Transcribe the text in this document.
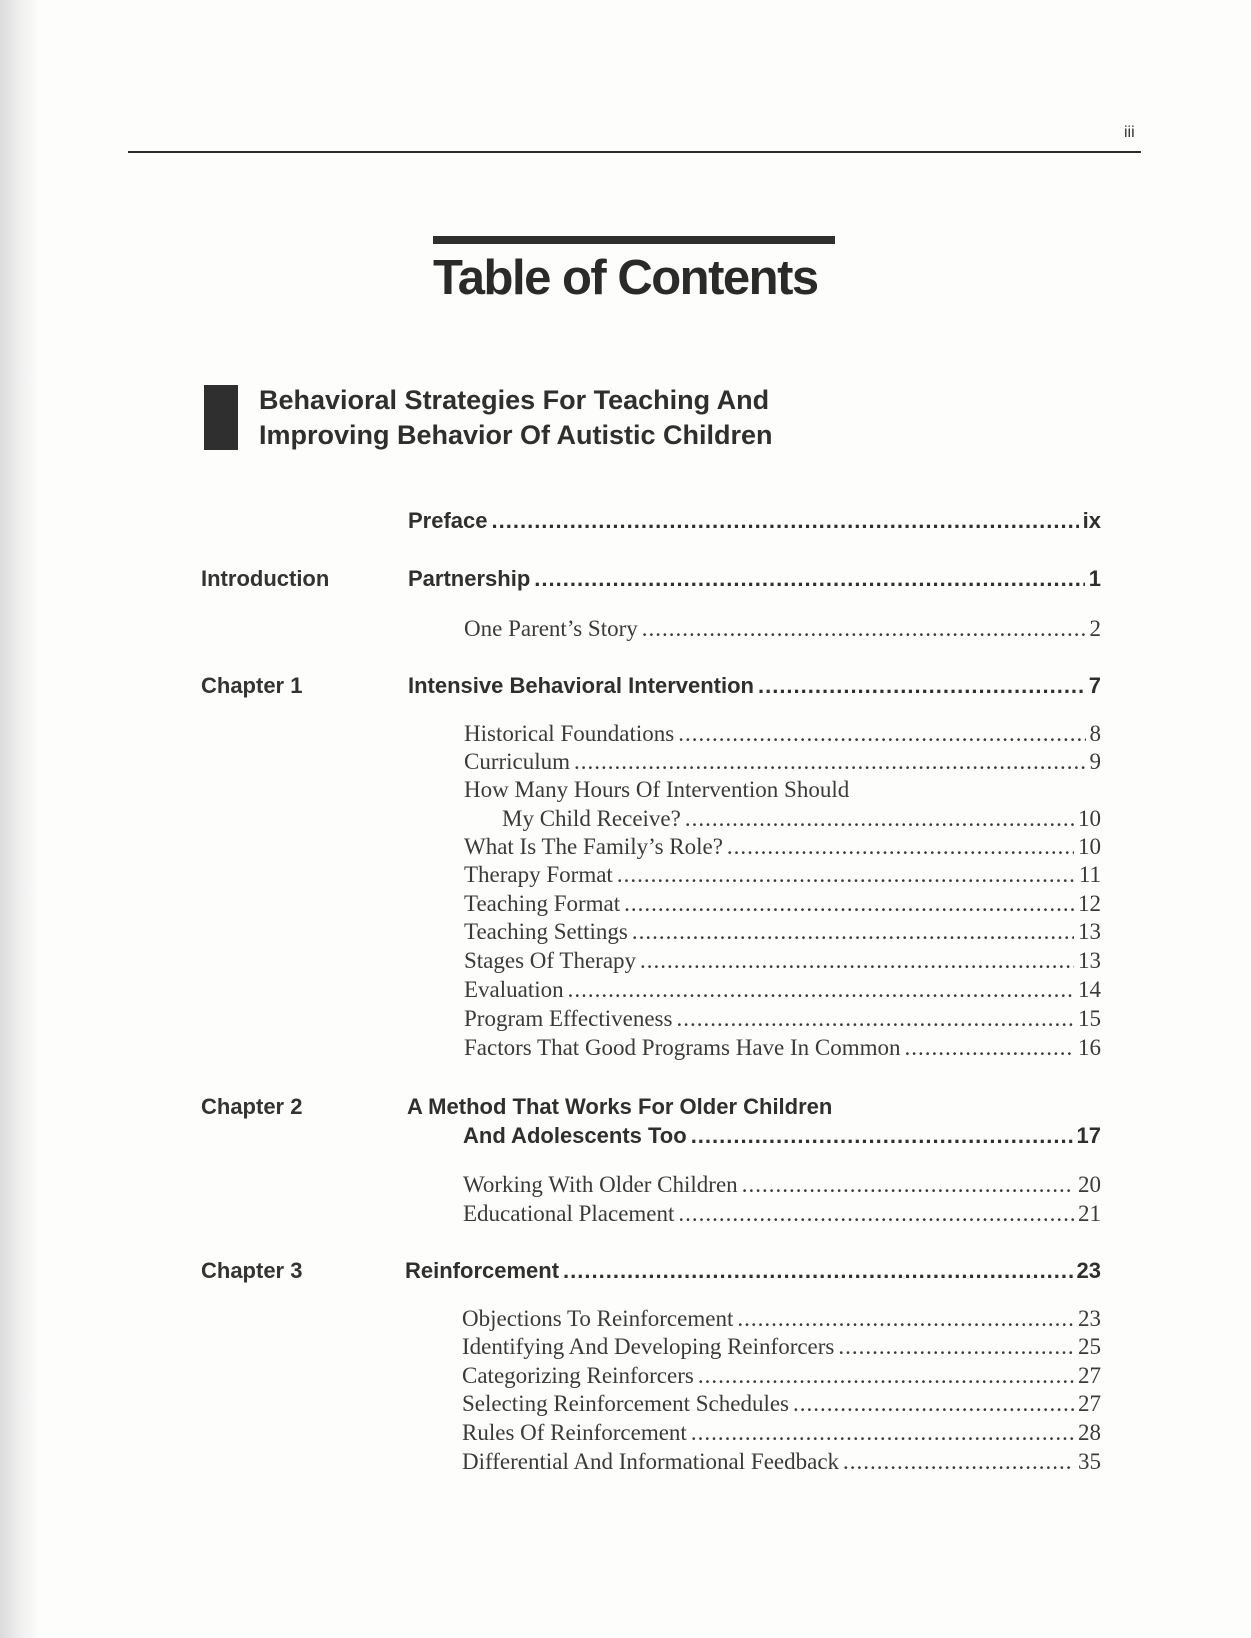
iii
Table of Contents
Behavioral Strategies For Teaching And
Improving Behavior Of Autistic Children
Preface .....	ix
Introduction	Partnership .....	1
One Parent’s Story .....	2
Chapter 1	Intensive Behavioral Intervention .....	7
Historical Foundations .....	8
Curriculum .....	9
How Many Hours Of Intervention Should
My Child Receive? .....	10
What Is The Family’s Role? .....	10
Therapy Format .....	11
Teaching Format .....	12
Teaching Settings .....	13
Stages Of Therapy .....	13
Evaluation .....	14
Program Effectiveness .....	15
Factors That Good Programs Have In Common .....	16
Chapter 2	A Method That Works For Older Children
And Adolescents Too .....	17
Working With Older Children .....	20
Educational Placement .....	21
Chapter 3	Reinforcement .....	23
Objections To Reinforcement .....	23
Identifying And Developing Reinforcers .....	25
Categorizing Reinforcers .....	27
Selecting Reinforcement Schedules .....	27
Rules Of Reinforcement .....	28
Differential And Informational Feedback .....	35
